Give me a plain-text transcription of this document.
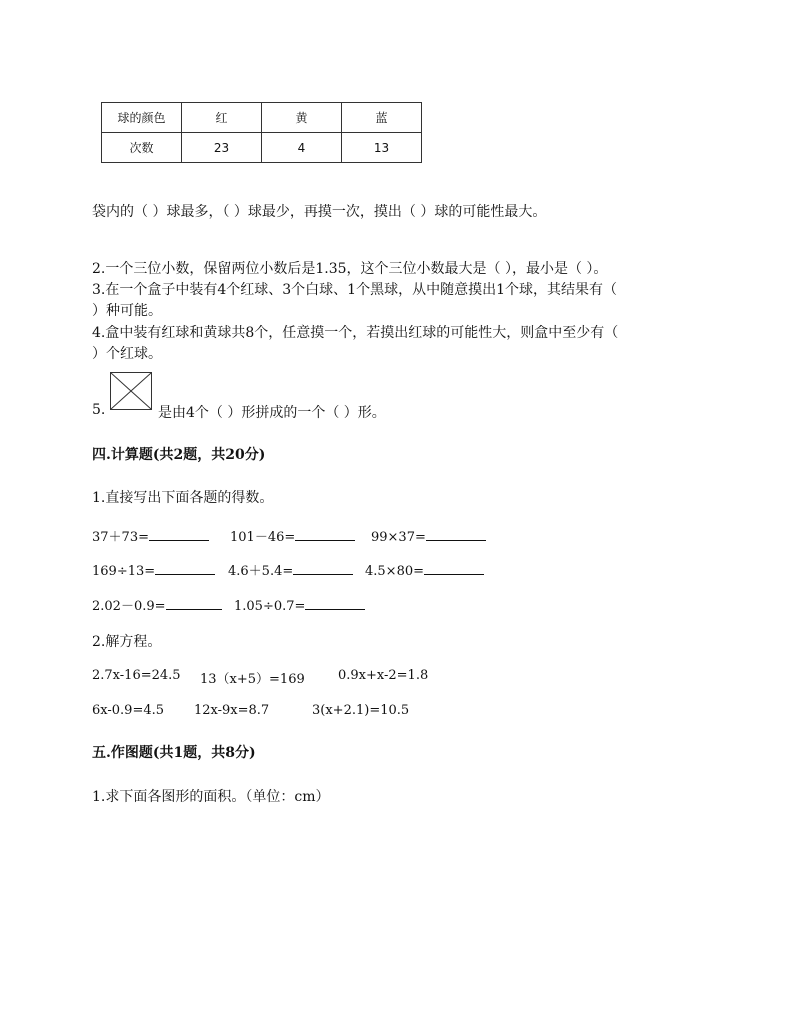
球的颜色	红	黄	蓝
次数	23	4	13
袋内的（ ）球最多，（ ）球最少，再摸一次，摸出（ ）球的可能性最大。
2.一个三位小数，保留两位小数后是1.35，这个三位小数最大是（ ），最小是（ ）。
3.在一个盒子中装有4个红球、3个白球、1个黑球，从中随意摸出1个球，其结果有（
）种可能。
4.盒中装有红球和黄球共8个，任意摸一个，若摸出红球的可能性大，则盒中至少有（
）个红球。
5.	是由4个（ ）形拼成的一个（ ）形。
四.计算题(共2题，共20分)
1.直接写出下面各题的得数。
37＋73=	101－46=	99×37=
169÷13=	4.6＋5.4=	4.5×80=
2.02－0.9=	1.05÷0.7=
2.解方程。
2.7x-16=24.5 13（x+5）=169	0.9x+x-2=1.8
6x-0.9=4.5 12x-9x=8.7	3(x+2.1)=10.5
五.作图题(共1题，共8分)
1.求下面各图形的面积。（单位：cm）
